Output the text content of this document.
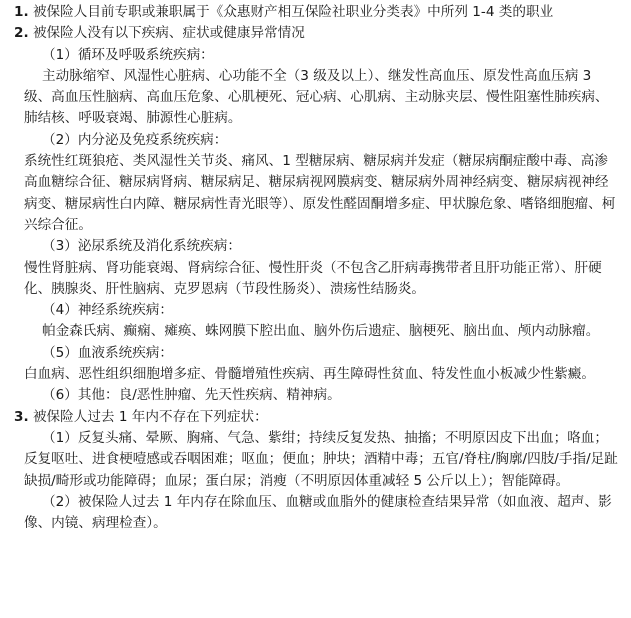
1. 被保险人目前专职或兼职属于《众惠财产相互保险社职业分类表》中所列 1-4 类的职业
2. 被保险人没有以下疾病、症状或健康异常情况
（1）循环及呼吸系统疾病：

主动脉缩窄、风湿性心脏病、心功能不全（3 级及以上）、继发性高血压、原发性高血压病 3 级、高血压性脑病、高血压危象、心肌梗死、冠心病、心肌病、主动脉夹层、慢性阻塞性肺疾病、肺结核、呼吸衰竭、肺源性心脏病。

（2）内分泌及免疫系统疾病：

系统性红斑狼疮、类风湿性关节炎、痛风、1 型糖尿病、糖尿病并发症（糖尿病酮症酸中毒、高渗高血糖综合征、糖尿病肾病、糖尿病足、糖尿病视网膜病变、糖尿病外周神经病变、糖尿病视神经病变、糖尿病性白内障、糖尿病性青光眼等）、原发性醛固酮增多症、甲状腺危象、嗜铬细胞瘤、柯兴综合征。

（3）泌尿系统及消化系统疾病：

慢性肾脏病、肾功能衰竭、肾病综合征、慢性肝炎（不包含乙肝病毒携带者且肝功能正常）、肝硬化、胰腺炎、肝性脑病、克罗恩病（节段性肠炎）、溃疡性结肠炎。

（4）神经系统疾病：

帕金森氏病、癫痫、瘫痪、蛛网膜下腔出血、脑外伤后遗症、脑梗死、脑出血、颅内动脉瘤。

（5）血液系统疾病：

白血病、恶性组织细胞增多症、骨髓增殖性疾病、再生障碍性贫血、特发性血小板减少性紫癜。

（6）其他：良/恶性肿瘤、先天性疾病、精神病。
3. 被保险人过去 1 年内不存在下列症状：

（1）反复头痛、晕厥、胸痛、气急、紫绀；持续反复发热、抽搐；不明原因皮下出血；咯血；反复呕吐、进食梗噎感或吞咽困难；呕血；便血；肿块；酒精中毒；五官/脊柱/胸廓/四肢/手指/足趾缺损/畸形或功能障碍；血尿；蛋白尿；消瘦（不明原因体重减轻 5 公斤以上）；智能障碍。

（2）被保险人过去 1 年内存在除血压、血糖或血脂外的健康检查结果异常（如血液、超声、影像、内镜、病理检查）。
